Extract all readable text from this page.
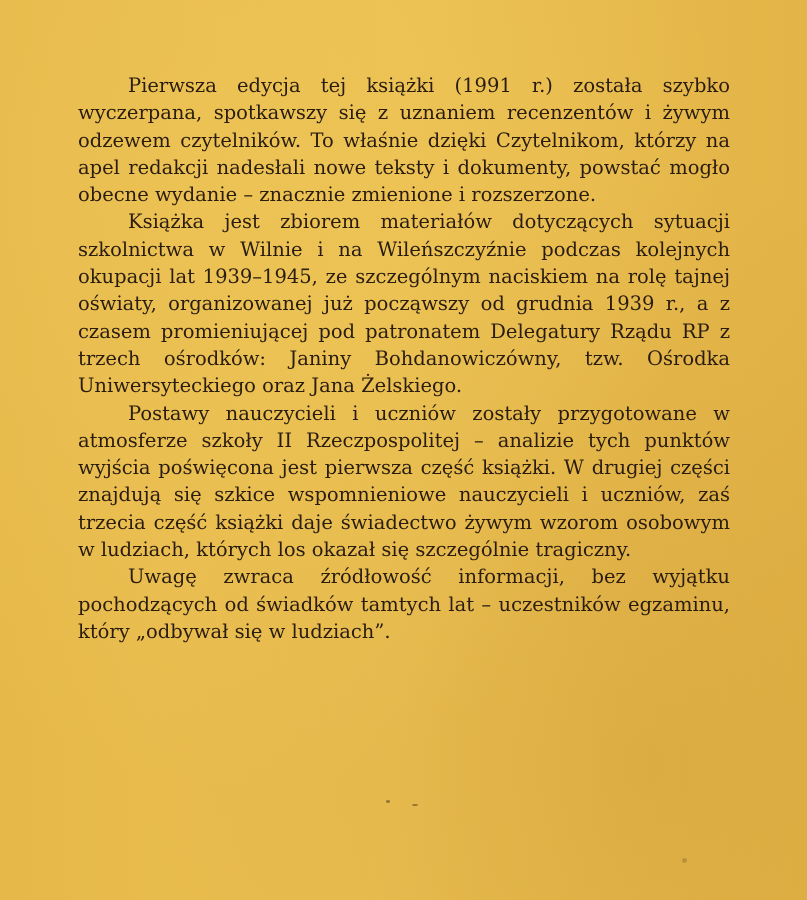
Pierwsza edycja tej książki (1991 r.) została szybko wyczerpana, spotkawszy się z uznaniem recenzentów i żywym odzewem czytelników. To właśnie dzięki Czytelnikom, którzy na apel redakcji nadesłali nowe teksty i dokumenty, powstać mogło obecne wydanie – znacznie zmienione i rozszerzone.

Książka jest zbiorem materiałów dotyczących sytuacji szkolnictwa w Wilnie i na Wileńszczyźnie podczas kolejnych okupacji lat 1939–1945, ze szczególnym naciskiem na rolę tajnej oświaty, organizowanej już począwszy od grudnia 1939 r., a z czasem promieniującej pod patronatem Delegatury Rządu RP z trzech ośrodków: Janiny Bohdanowiczówny, tzw. Ośrodka Uniwersyteckiego oraz Jana Żelskiego.

Postawy nauczycieli i uczniów zostały przygotowane w atmosferze szkoły II Rzeczpospolitej – analizie tych punktów wyjścia poświęcona jest pierwsza część książki. W drugiej części znajdują się szkice wspomnieniowe nauczycieli i uczniów, zaś trzecia część książki daje świadectwo żywym wzorom osobowym w ludziach, których los okazał się szczególnie tragiczny.

Uwagę zwraca źródłowość informacji, bez wyjątku pochodzących od świadków tamtych lat – uczestników egzaminu, który „odbywał się w ludziach”.
